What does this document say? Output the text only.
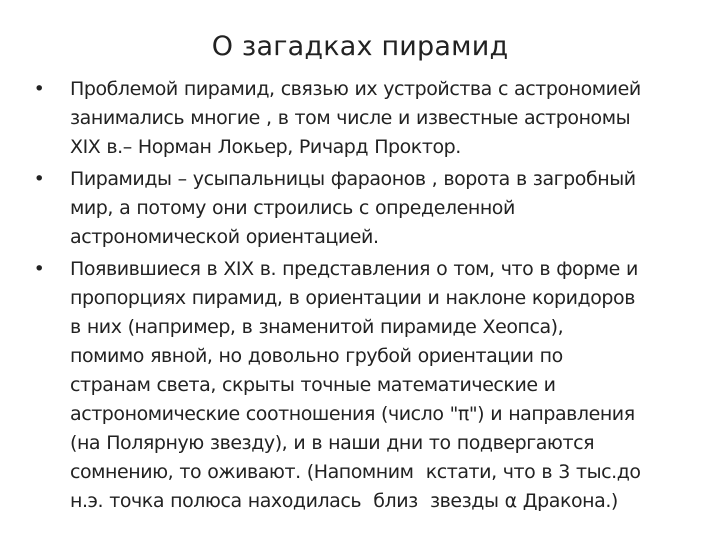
О загадках пирамид
• Проблемой пирамид, связью их устройства с астрономией
занимались многие , в том числе и известные астрономы
XIX в.– Норман Локьер, Ричард Проктор.
• Пирамиды – усыпальницы фараонов , ворота в загробный
мир, а потому они строились с определенной
астрономической ориентацией.
• Появившиеся в XIX в. представления о том, что в форме и
пропорциях пирамид, в ориентации и наклоне коридоров
в них (например, в знаменитой пирамиде Хеопса),
помимо явной, но довольно грубой ориентации по
странам света, скрыты точные математические и
астрономические соотношения (число "π") и направления
(на Полярную звезду), и в наши дни то подвергаются
сомнению, то оживают. (Напомним  кстати, что в 3 тыс.до
н.э. точка полюса находилась  близ  звезды α Дракона.)
